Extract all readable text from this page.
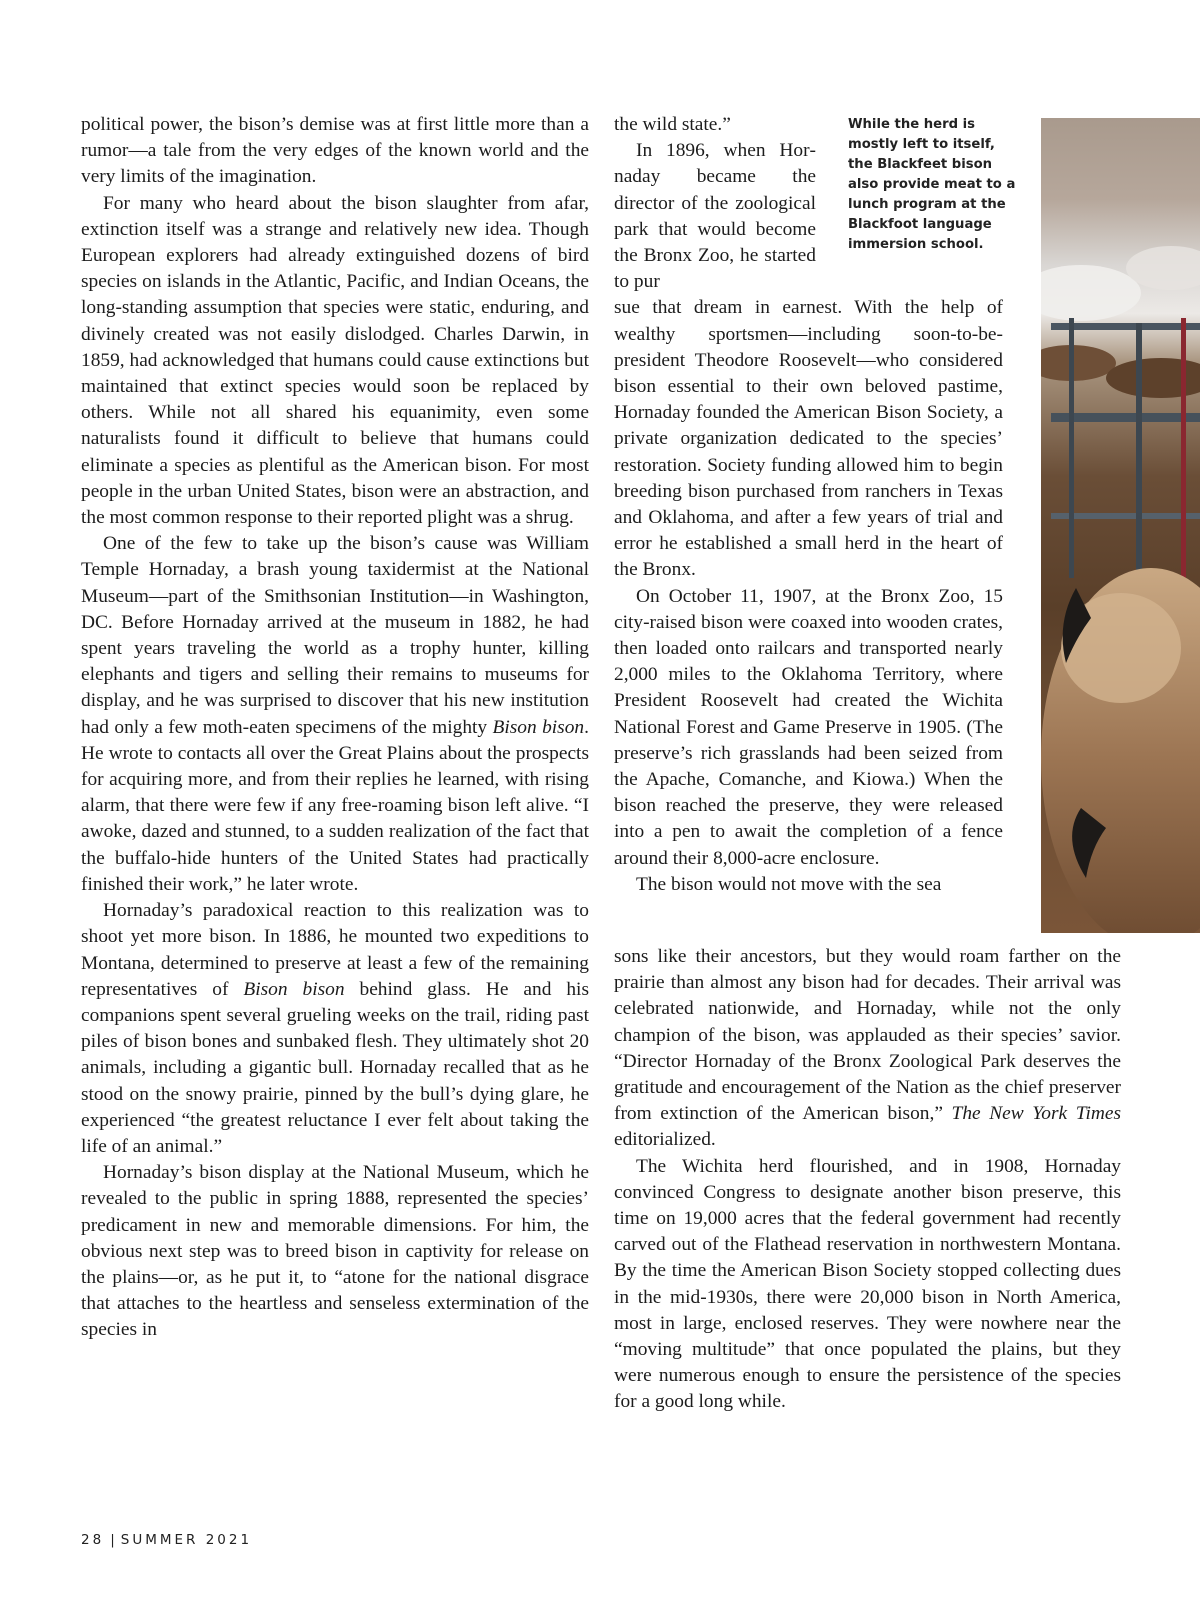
political power, the bison’s demise was at first little more than a rumor—a tale from the very edges of the known world and the very limits of the imagination.

For many who heard about the bison slaughter from afar, extinction itself was a strange and relatively new idea. Though European explorers had already extinguished dozens of bird species on islands in the Atlantic, Pacific, and Indian Oceans, the long-standing assumption that species were static, enduring, and divinely created was not easily dislodged. Charles Darwin, in 1859, had acknowledged that humans could cause extinctions but maintained that extinct species would soon be replaced by others. While not all shared his equanimity, even some naturalists found it difficult to believe that humans could eliminate a species as plentiful as the American bison. For most people in the urban United States, bison were an abstraction, and the most common response to their reported plight was a shrug.

One of the few to take up the bison’s cause was William Temple Hornaday, a brash young taxidermist at the National Museum—part of the Smithsonian Institution—in Washington, DC. Before Hornaday arrived at the museum in 1882, he had spent years traveling the world as a trophy hunter, killing elephants and tigers and selling their remains to museums for display, and he was surprised to discover that his new institution had only a few moth-eaten specimens of the mighty Bison bison. He wrote to contacts all over the Great Plains about the prospects for acquiring more, and from their replies he learned, with rising alarm, that there were few if any free-roaming bison left alive. “I awoke, dazed and stunned, to a sudden realization of the fact that the buffalo-hide hunters of the United States had practically finished their work,” he later wrote.

Hornaday’s paradoxical reaction to this realization was to shoot yet more bison. In 1886, he mounted two expeditions to Montana, determined to preserve at least a few of the remaining representatives of Bison bison behind glass. He and his companions spent several grueling weeks on the trail, riding past piles of bison bones and sunbaked flesh. They ultimately shot 20 animals, including a gigantic bull. Hornaday recalled that as he stood on the snowy prairie, pinned by the bull’s dying glare, he experienced “the greatest reluctance I ever felt about taking the life of an animal.”

Hornaday’s bison display at the National Museum, which he revealed to the public in spring 1888, represented the species’ predicament in new and memorable dimensions. For him, the obvious next step was to breed bison in captivity for release on the plains—or, as he put it, to “atone for the national disgrace that attaches to the heartless and senseless extermination of the species in

the wild state.”

In 1896, when Hornaday became the director of the zoological park that would become the Bronx Zoo, he started to pur

sue that dream in earnest. With the help of wealthy sportsmen—including soon-to-be-president Theodore Roosevelt—who considered bison essential to their own beloved pastime, Hornaday founded the American Bison Society, a private organization dedicated to the species’ restoration. Society funding allowed him to begin breeding bison purchased from ranchers in Texas and Oklahoma, and after a few years of trial and error he established a small herd in the heart of the Bronx.

On October 11, 1907, at the Bronx Zoo, 15 city-raised bison were coaxed into wooden crates, then loaded onto railcars and transported nearly 2,000 miles to the Oklahoma Territory, where President Roosevelt had created the Wichita National Forest and Game Preserve in 1905. (The preserve’s rich grasslands had been seized from the Apache, Comanche, and Kiowa.) When the bison reached the preserve, they were released into a pen to await the completion of a fence around their 8,000-acre enclosure.

The bison would not move with the sea

sons like their ancestors, but they would roam farther on the prairie than almost any bison had for decades. Their arrival was celebrated nationwide, and Hornaday, while not the only champion of the bison, was applauded as their species’ savior. “Director Hornaday of the Bronx Zoological Park deserves the gratitude and encouragement of the Nation as the chief preserver from extinction of the American bison,” The New York Times editorialized.

The Wichita herd flourished, and in 1908, Hornaday convinced Congress to designate another bison preserve, this time on 19,000 acres that the federal government had recently carved out of the Flathead reservation in northwestern Montana. By the time the American Bison Society stopped collecting dues in the mid-1930s, there were 20,000 bison in North America, most in large, enclosed reserves. They were nowhere near the “moving multitude” that once populated the plains, but they were numerous enough to ensure the persistence of the species for a good long while.

While the herd is mostly left to itself, the Blackfeet bison also provide meat to a lunch program at the Blackfoot language immersion school.
28 | SUMMER 2021
